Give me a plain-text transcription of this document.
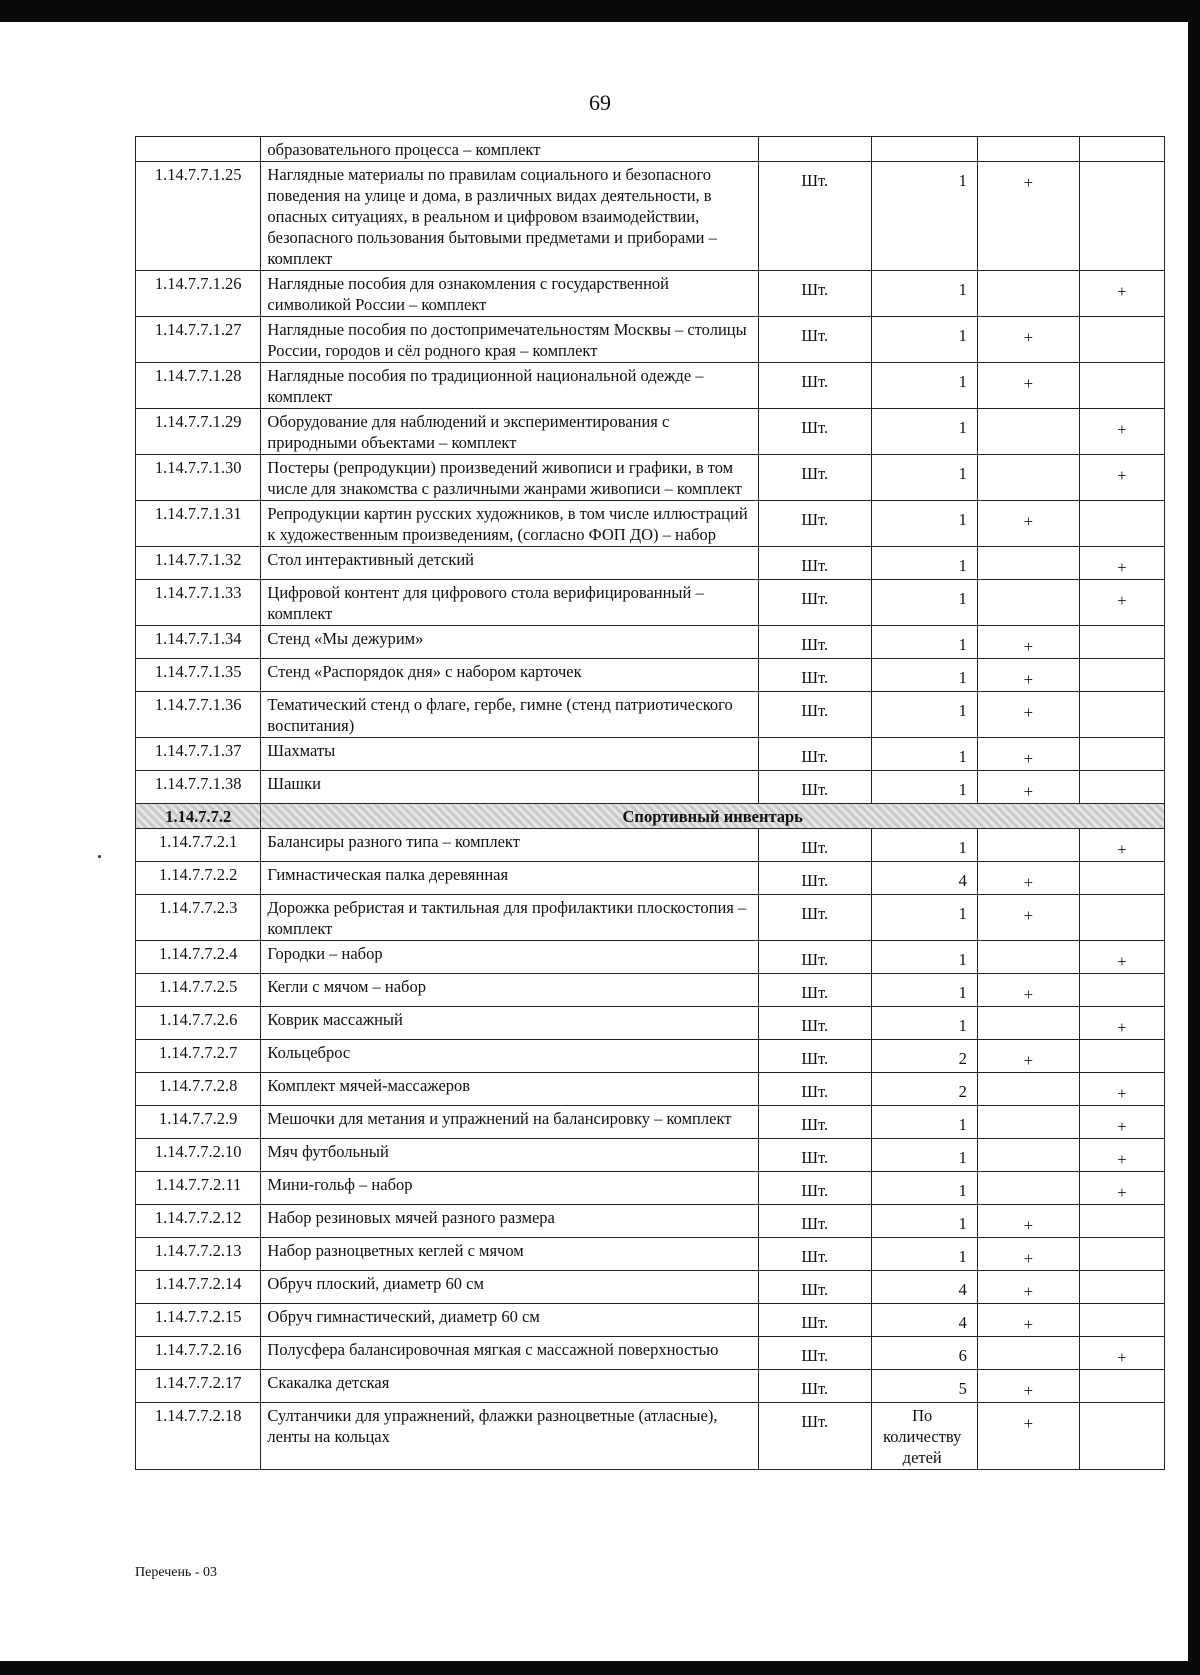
69
	образовательного процесса – комплект				
1.14.7.7.1.25	Наглядные материалы по правилам социального и безопасного поведения на улице и дома, в различных видах деятельности, в опасных ситуациях, в реальном и цифровом взаимодействии, безопасного пользования бытовыми предметами и приборами – комплект	Шт.	1	+	
1.14.7.7.1.26	Наглядные пособия для ознакомления с государственной символикой России – комплект	Шт.	1		+
1.14.7.7.1.27	Наглядные пособия по достопримечательностям Москвы – столицы России, городов и сёл родного края – комплект	Шт.	1	+	
1.14.7.7.1.28	Наглядные пособия по традиционной национальной одежде – комплект	Шт.	1	+	
1.14.7.7.1.29	Оборудование для наблюдений и экспериментирования с природными объектами – комплект	Шт.	1		+
1.14.7.7.1.30	Постеры (репродукции) произведений живописи и графики, в том числе для знакомства с различными жанрами живописи – комплект	Шт.	1		+
1.14.7.7.1.31	Репродукции картин русских художников, в том числе иллюстраций к художественным произведениям, (согласно ФОП ДО) – набор	Шт.	1	+	
1.14.7.7.1.32	Стол интерактивный детский	Шт.	1		+
1.14.7.7.1.33	Цифровой контент для цифрового стола верифицированный – комплект	Шт.	1		+
1.14.7.7.1.34	Стенд «Мы дежурим»	Шт.	1	+	
1.14.7.7.1.35	Стенд «Распорядок дня» с набором карточек	Шт.	1	+	
1.14.7.7.1.36	Тематический стенд о флаге, гербе, гимне (стенд патриотического воспитания)	Шт.	1	+	
1.14.7.7.1.37	Шахматы	Шт.	1	+	
1.14.7.7.1.38	Шашки	Шт.	1	+	
1.14.7.7.2	Спортивный инвентарь				
1.14.7.7.2.1	Балансиры разного типа – комплект	Шт.	1		+
1.14.7.7.2.2	Гимнастическая палка деревянная	Шт.	4	+	
1.14.7.7.2.3	Дорожка ребристая и тактильная для профилактики плоскостопия – комплект	Шт.	1	+	
1.14.7.7.2.4	Городки – набор	Шт.	1		+
1.14.7.7.2.5	Кегли с мячом – набор	Шт.	1	+	
1.14.7.7.2.6	Коврик массажный	Шт.	1		+
1.14.7.7.2.7	Кольцеброс	Шт.	2	+	
1.14.7.7.2.8	Комплект мячей-массажеров	Шт.	2		+
1.14.7.7.2.9	Мешочки для метания и упражнений на балансировку – комплект	Шт.	1		+
1.14.7.7.2.10	Мяч футбольный	Шт.	1		+
1.14.7.7.2.11	Мини-гольф – набор	Шт.	1		+
1.14.7.7.2.12	Набор резиновых мячей разного размера	Шт.	1	+	
1.14.7.7.2.13	Набор разноцветных кеглей с мячом	Шт.	1	+	
1.14.7.7.2.14	Обруч плоский, диаметр 60 см	Шт.	4	+	
1.14.7.7.2.15	Обруч гимнастический, диаметр 60 см	Шт.	4	+	
1.14.7.7.2.16	Полусфера балансировочная мягкая с массажной поверхностью	Шт.	6		+
1.14.7.7.2.17	Скакалка детская	Шт.	5	+	
1.14.7.7.2.18	Султанчики для упражнений, флажки разноцветные (атласные), ленты на кольцах	Шт.	По количеству детей	+	
Перечень - 03
